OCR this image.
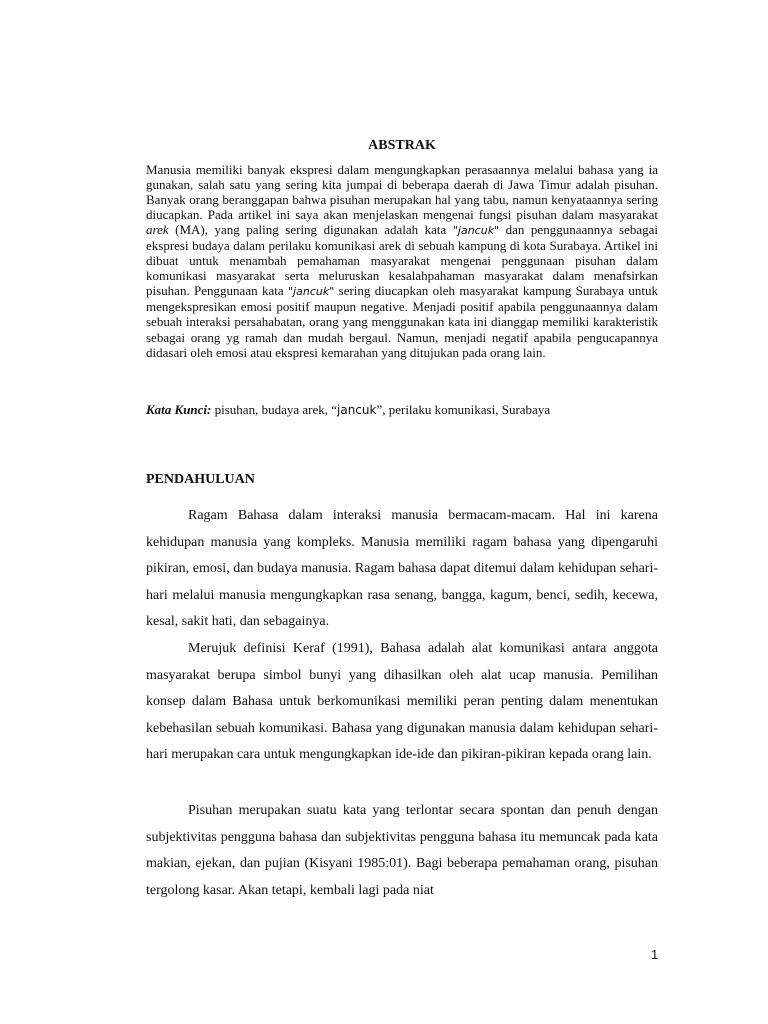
ABSTRAK
Manusia memiliki banyak ekspresi dalam mengungkapkan perasaannya melalui bahasa yang ia gunakan, salah satu yang sering kita jumpai di beberapa daerah di Jawa Timur adalah pisuhan. Banyak orang beranggapan bahwa pisuhan merupakan hal yang tabu, namun kenyataannya sering diucapkan. Pada artikel ini saya akan menjelaskan mengenai fungsi pisuhan dalam masyarakat arek (MA), yang paling sering digunakan adalah kata "jancuk" dan penggunaannya sebagai ekspresi budaya dalam perilaku komunikasi arek di sebuah kampung di kota Surabaya. Artikel ini dibuat untuk menambah pemahaman masyarakat mengenai penggunaan pisuhan dalam komunikasi masyarakat serta meluruskan kesalahpahaman masyarakat dalam menafsirkan pisuhan. Penggunaan kata "jancuk" sering diucapkan oleh masyarakat kampung Surabaya untuk mengekspresikan emosi positif maupun negative. Menjadi positif apabila penggunaannya dalam sebuah interaksi persahabatan, orang yang menggunakan kata ini dianggap memiliki karakteristik sebagai orang yg ramah dan mudah bergaul. Namun, menjadi negatif apabila pengucapannya didasari oleh emosi atau ekspresi kemarahan yang ditujukan pada orang lain.
Kata Kunci: pisuhan, budaya arek, “jancuk”, perilaku komunikasi, Surabaya
PENDAHULUAN

Ragam Bahasa dalam interaksi manusia bermacam-macam. Hal ini karena kehidupan manusia yang kompleks. Manusia memiliki ragam bahasa yang dipengaruhi pikiran, emosi, dan budaya manusia. Ragam bahasa dapat ditemui dalam kehidupan sehari-hari melalui manusia mengungkapkan rasa senang, bangga, kagum, benci, sedih, kecewa, kesal, sakit hati, dan sebagainya.

Merujuk definisi Keraf (1991), Bahasa adalah alat komunikasi antara anggota masyarakat berupa simbol bunyi yang dihasilkan oleh alat ucap manusia. Pemilihan konsep dalam Bahasa untuk berkomunikasi memiliki peran penting dalam menentukan kebehasilan sebuah komunikasi. Bahasa yang digunakan manusia dalam kehidupan sehari-hari merupakan cara untuk mengungkapkan ide-ide dan pikiran-pikiran kepada orang lain.

Pisuhan merupakan suatu kata yang terlontar secara spontan dan penuh dengan subjektivitas pengguna bahasa dan subjektivitas pengguna bahasa itu memuncak pada kata makian, ejekan, dan pujian (Kisyani 1985:01). Bagi beberapa pemahaman orang, pisuhan tergolong kasar. Akan tetapi, kembali lagi pada niat

1
